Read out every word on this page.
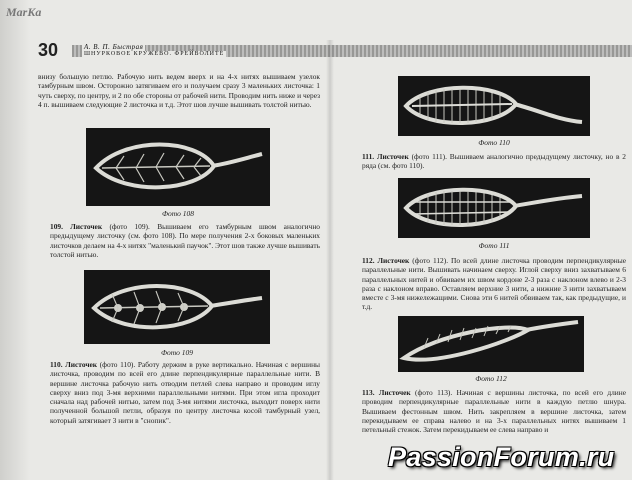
MarKa
30	А. В. П. Быстрая
ШНУРКОВОЕ КРУЖЕВО. ФРЕЙВОЛИТЕ

внизу большую петлю. Рабочую нить ведем вверх и на 4-х нитях вышиваем узелок тамбурным швом. Осторожно затягиваем его и получаем сразу 3 маленьких листочка: 1 чуть сверху, по центру, и 2 по обе стороны от рабочей нити. Проводим нить ниже и через 4 п. вышиваем следующие 2 листочка и т.д. Этот шов лучше вышивать толстой нитью.

Фото 108

109. Листочек (фото 109). Вышиваем его тамбурным швом аналогично предыдущему листочку (см. фото 108). По мере получения 2-х боковых маленьких листочков делаем на 4-х нитях "маленький паучок". Этот шов также лучше вышивать толстой нитью.

Фото 109

110. Листочек (фото 110). Работу держим в руке вертикально. Начиная с вершины листочка, проводим по всей его длине перпендикулярные параллельные нити. В вершине листочка рабочую нить отводим петлей слева направо и проводим иглу сверху вниз под 3-мя верхними параллельными нитями. При этом игла проходит сначала над рабочей нитью, затем под 3-мя нитями листочка, выходит поверх нити полученной большой петли, образуя по центру листочка косой тамбурный узел, который затягивает 3 нити в "снопик".

Фото 110

111. Листочек (фото 111). Вышиваем аналогично предыдущему листочку, но в 2 ряда (см. фото 110).

Фото 111

112. Листочек (фото 112). По всей длине листочка проводим перпендикулярные параллельные нити. Вышивать начинаем сверху. Иглой сверху вниз захватываем 6 параллельных нитей и обвиваем их швом кордоне 2-3 раза с наклоном влево и 2-3 раза с наклоном вправо. Оставляем верхние 3 нити, а нижние 3 нити захватываем вместе с 3-мя нижележащими. Снова эти 6 нитей обвиваем так, как предыдущие, и т.д.

Фото 112

113. Листочек (фото 113). Начиная с вершины листочка, по всей его длине проводим перпендикулярные параллельные нити в каждую петлю шнура. Вышиваем фестонным швом. Нить закрепляем в вершине листочка, затем перекидываем ее справа налево и на 3-х параллельных нитях вышиваем 1 петельный стежок. Затем перекидываем ее слева направо и

PassionForum.ru
